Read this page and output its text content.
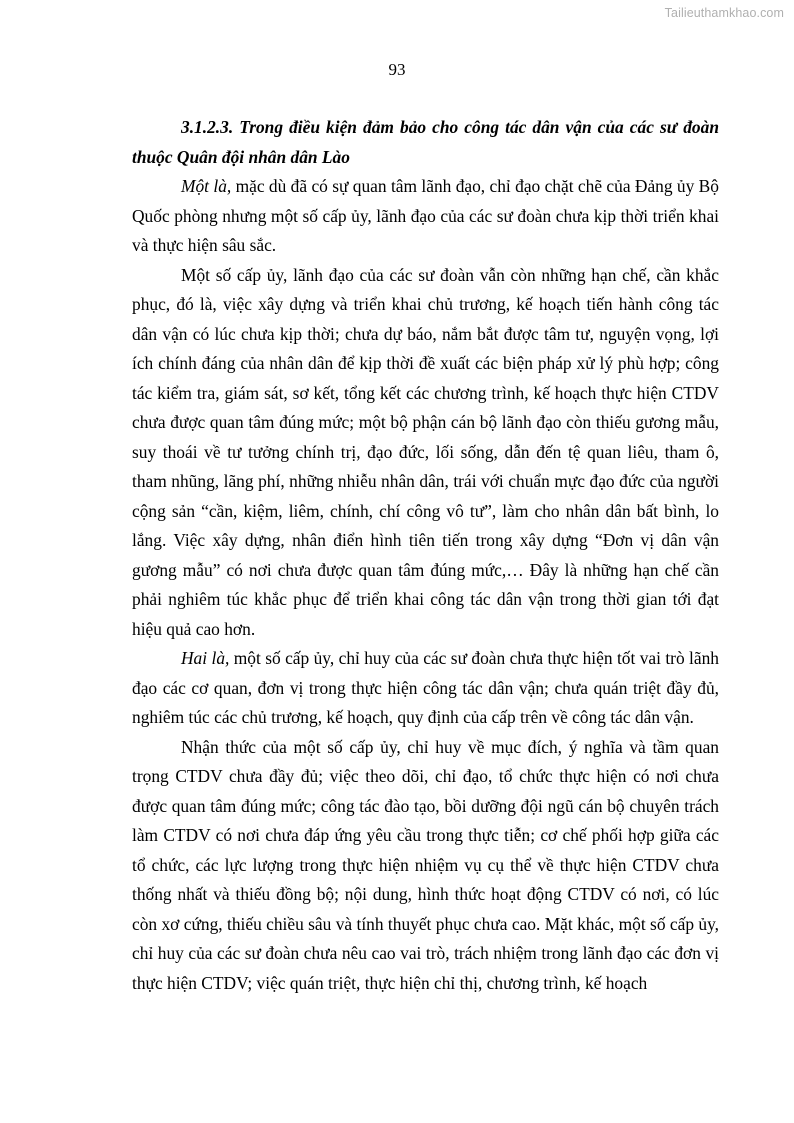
Tailieuthamkhao.com
93

3.1.2.3. Trong điều kiện đảm bảo cho công tác dân vận của các sư đoàn thuộc Quân đội nhân dân Lào

Một là, mặc dù đã có sự quan tâm lãnh đạo, chỉ đạo chặt chẽ của Đảng ủy Bộ Quốc phòng nhưng một số cấp ủy, lãnh đạo của các sư đoàn chưa kịp thời triển khai và thực hiện sâu sắc.

Một số cấp ủy, lãnh đạo của các sư đoàn vẫn còn những hạn chế, cần khắc phục, đó là, việc xây dựng và triển khai chủ trương, kế hoạch tiến hành công tác dân vận có lúc chưa kịp thời; chưa dự báo, nắm bắt được tâm tư, nguyện vọng, lợi ích chính đáng của nhân dân để kịp thời đề xuất các biện pháp xử lý phù hợp; công tác kiểm tra, giám sát, sơ kết, tổng kết các chương trình, kế hoạch thực hiện CTDV chưa được quan tâm đúng mức; một bộ phận cán bộ lãnh đạo còn thiếu gương mẫu, suy thoái về tư tưởng chính trị, đạo đức, lối sống, dẫn đến tệ quan liêu, tham ô, tham nhũng, lãng phí, những nhiễu nhân dân, trái với chuẩn mực đạo đức của người cộng sản “cần, kiệm, liêm, chính, chí công vô tư”, làm cho nhân dân bất bình, lo lắng. Việc xây dựng, nhân điển hình tiên tiến trong xây dựng “Đơn vị dân vận gương mẫu” có nơi chưa được quan tâm đúng mức,… Đây là những hạn chế cần phải nghiêm túc khắc phục để triển khai công tác dân vận trong thời gian tới đạt hiệu quả cao hơn.

Hai là, một số cấp ủy, chỉ huy của các sư đoàn chưa thực hiện tốt vai trò lãnh đạo các cơ quan, đơn vị trong thực hiện công tác dân vận; chưa quán triệt đầy đủ, nghiêm túc các chủ trương, kế hoạch, quy định của cấp trên về công tác dân vận.

Nhận thức của một số cấp ủy, chỉ huy về mục đích, ý nghĩa và tầm quan trọng CTDV chưa đầy đủ; việc theo dõi, chỉ đạo, tổ chức thực hiện có nơi chưa được quan tâm đúng mức; công tác đào tạo, bồi dưỡng đội ngũ cán bộ chuyên trách làm CTDV có nơi chưa đáp ứng yêu cầu trong thực tiễn; cơ chế phối hợp giữa các tổ chức, các lực lượng trong thực hiện nhiệm vụ cụ thể về thực hiện CTDV chưa thống nhất và thiếu đồng bộ; nội dung, hình thức hoạt động CTDV có nơi, có lúc còn xơ cứng, thiếu chiều sâu và tính thuyết phục chưa cao. Mặt khác, một số cấp ủy, chỉ huy của các sư đoàn chưa nêu cao vai trò, trách nhiệm trong lãnh đạo các đơn vị thực hiện CTDV; việc quán triệt, thực hiện chỉ thị, chương trình, kế hoạch
